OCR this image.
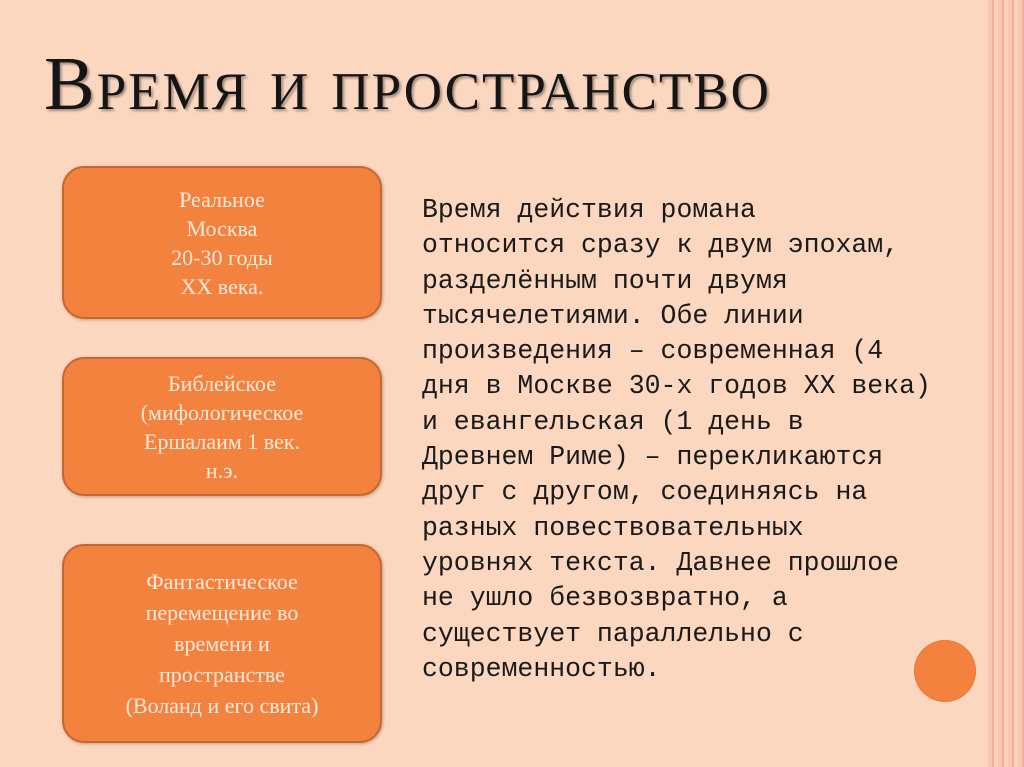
Время и пространство
Реальное
Москва
20-30 годы
XX века.
Библейское
(мифологическое
Ершалаим 1 век.
н.э.
Фантастическое
перемещение во
времени и
пространстве
(Воланд и его свита)
Время действия романа
относится сразу к двум эпохам,
разделённым почти двумя
тысячелетиями. Обе линии
произведения – современная (4
дня в Москве 30-х годов XX века)
и евангельская (1 день в
Древнем Риме) – перекликаются
друг с другом, соединяясь на
разных повествовательных
уровнях текста. Давнее прошлое
не ушло безвозвратно, а
существует параллельно с
современностью.
